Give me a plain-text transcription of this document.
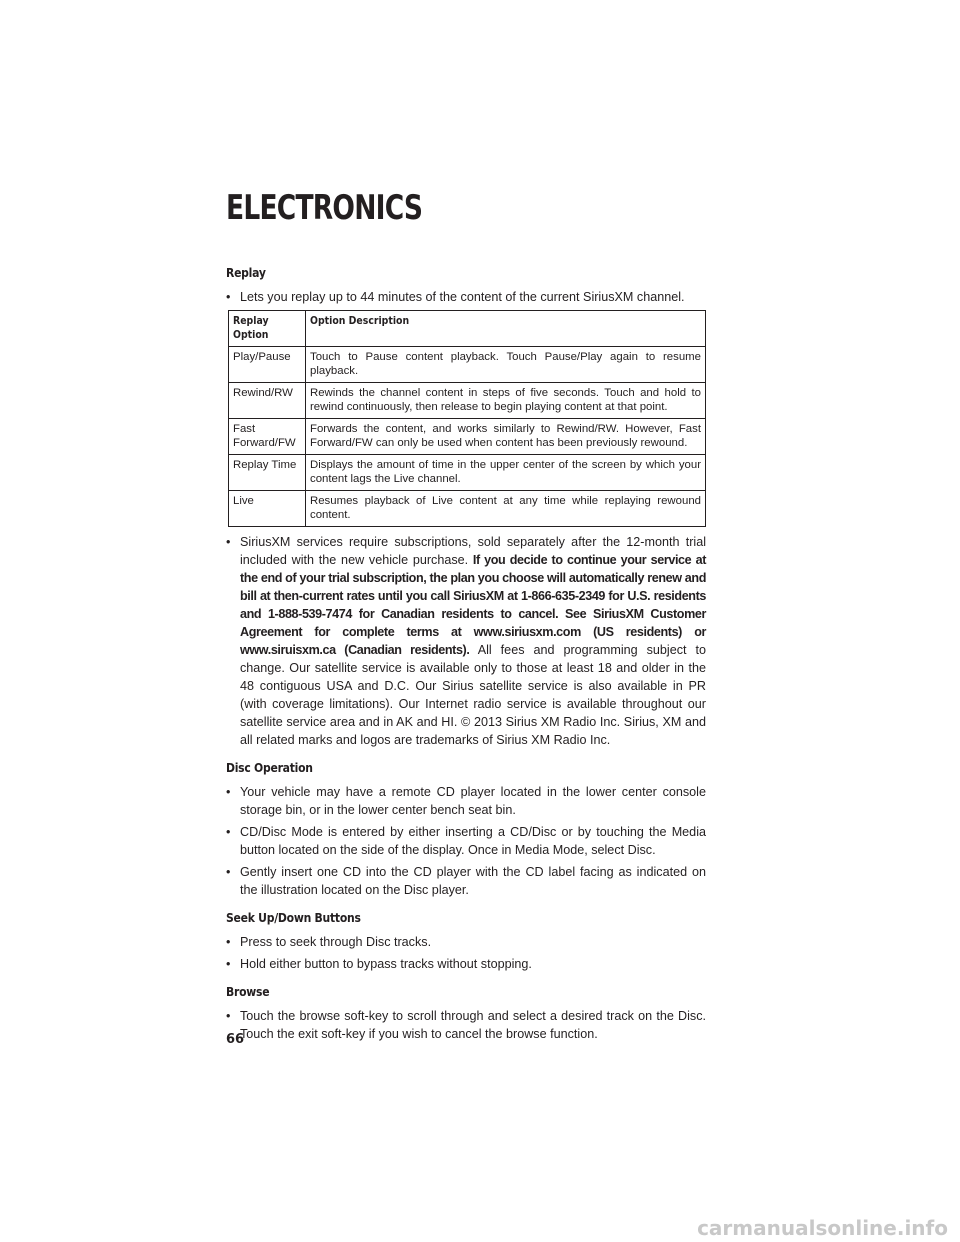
ELECTRONICS
Replay
• Lets you replay up to 44 minutes of the content of the current SiriusXM channel.
Replay Option	Option Description
Play/Pause	Touch to Pause content playback. Touch Pause/Play again to resume playback.
Rewind/RW	Rewinds the channel content in steps of five seconds. Touch and hold to rewind continuously, then release to begin playing content at that point.
Fast Forward/FW	Forwards the content, and works similarly to Rewind/RW. However, Fast Forward/FW can only be used when content has been previously rewound.
Replay Time	Displays the amount of time in the upper center of the screen by which your content lags the Live channel.
Live	Resumes playback of Live content at any time while replaying rewound content.
• SiriusXM services require subscriptions, sold separately after the 12-month trial included with the new vehicle purchase. If you decide to continue your service at the end of your trial subscription, the plan you choose will automatically renew and bill at then-current rates until you call SiriusXM at 1-866-635-2349 for U.S. residents and 1-888-539-7474 for Canadian residents to cancel. See SiriusXM Customer Agreement for complete terms at www.siriusxm.com (US residents) or www.siruisxm.ca (Canadian residents). All fees and programming subject to change. Our satellite service is available only to those at least 18 and older in the 48 contiguous USA and D.C. Our Sirius satellite service is also available in PR (with coverage limitations). Our Internet radio service is available throughout our satellite service area and in AK and HI. © 2013 Sirius XM Radio Inc. Sirius, XM and all related marks and logos are trademarks of Sirius XM Radio Inc.
Disc Operation
• Your vehicle may have a remote CD player located in the lower center console storage bin, or in the lower center bench seat bin.
• CD/Disc Mode is entered by either inserting a CD/Disc or by touching the Media button located on the side of the display. Once in Media Mode, select Disc.
• Gently insert one CD into the CD player with the CD label facing as indicated on the illustration located on the Disc player.
Seek Up/Down Buttons
• Press to seek through Disc tracks.
• Hold either button to bypass tracks without stopping.
Browse
• Touch the browse soft-key to scroll through and select a desired track on the Disc. Touch the exit soft-key if you wish to cancel the browse function.
66
carmanualsonline.info
